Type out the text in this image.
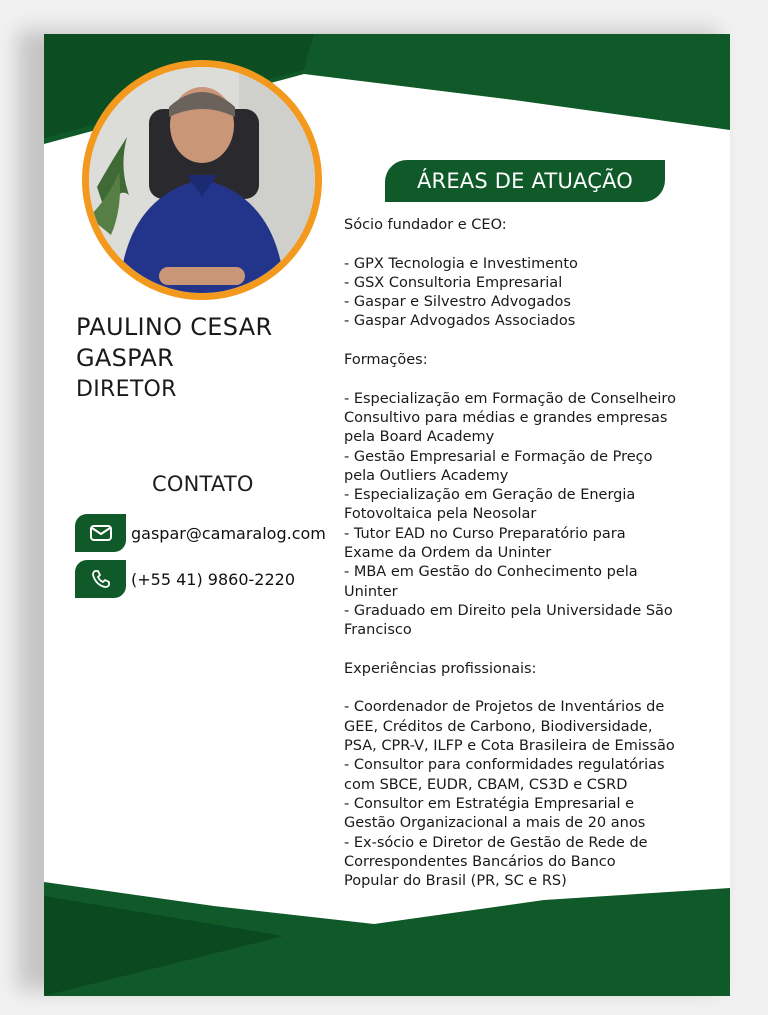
PAULINO CESAR
GASPAR
DIRETOR
CONTATO
gaspar@camaralog.com
(+55 41) 9860-2220
ÁREAS DE ATUAÇÃO
Sócio fundador e CEO:
- GPX Tecnologia e Investimento
- GSX Consultoria Empresarial
- Gaspar e Silvestro Advogados
- Gaspar Advogados Associados
Formações:
- Especialização em Formação de Conselheiro
Consultivo para médias e grandes empresas
pela Board Academy
- Gestão Empresarial e Formação de Preço
pela Outliers Academy
- Especialização em Geração de Energia
Fotovoltaica pela Neosolar
- Tutor EAD no Curso Preparatório para
Exame da Ordem da Uninter
- MBA em Gestão do Conhecimento pela
Uninter
- Graduado em Direito pela Universidade São
Francisco
Experiências profissionais:
- Coordenador de Projetos de Inventários de
GEE, Créditos de Carbono, Biodiversidade,
PSA, CPR-V, ILFP e Cota Brasileira de Emissão
- Consultor para conformidades regulatórias
com SBCE, EUDR, CBAM, CS3D e CSRD
- Consultor em Estratégia Empresarial e
Gestão Organizacional a mais de 20 anos
- Ex-sócio e Diretor de Gestão de Rede de
Correspondentes Bancários do Banco
Popular do Brasil (PR, SC e RS)
